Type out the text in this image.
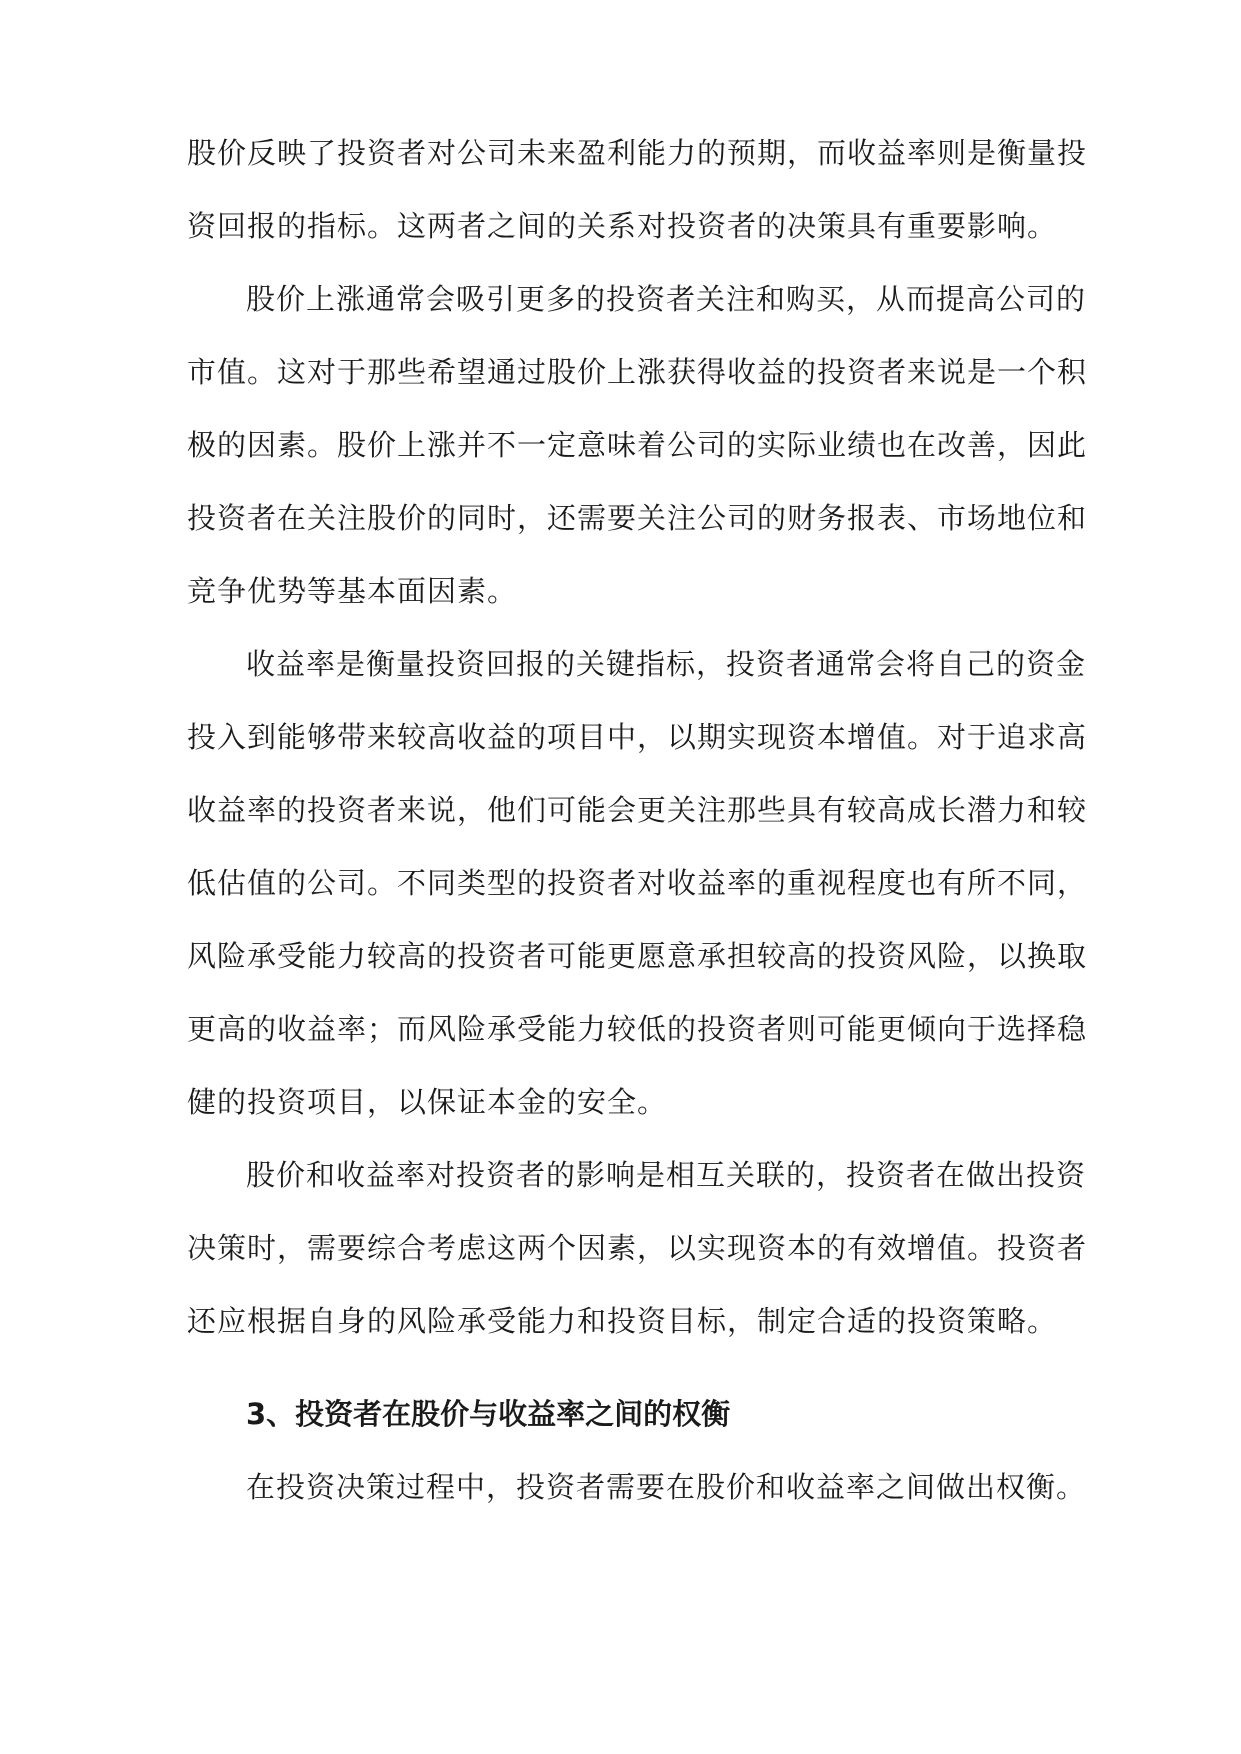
股价反映了投资者对公司未来盈利能力的预期，而收益率则是衡量投
资回报的指标。这两者之间的关系对投资者的决策具有重要影响。
股价上涨通常会吸引更多的投资者关注和购买，从而提高公司的
市值。这对于那些希望通过股价上涨获得收益的投资者来说是一个积
极的因素。股价上涨并不一定意味着公司的实际业绩也在改善，因此
投资者在关注股价的同时，还需要关注公司的财务报表、市场地位和
竞争优势等基本面因素。
收益率是衡量投资回报的关键指标，投资者通常会将自己的资金
投入到能够带来较高收益的项目中，以期实现资本增值。对于追求高
收益率的投资者来说，他们可能会更关注那些具有较高成长潜力和较
低估值的公司。不同类型的投资者对收益率的重视程度也有所不同，
风险承受能力较高的投资者可能更愿意承担较高的投资风险，以换取
更高的收益率；而风险承受能力较低的投资者则可能更倾向于选择稳
健的投资项目，以保证本金的安全。
股价和收益率对投资者的影响是相互关联的，投资者在做出投资
决策时，需要综合考虑这两个因素，以实现资本的有效增值。投资者
还应根据自身的风险承受能力和投资目标，制定合适的投资策略。
3、投资者在股价与收益率之间的权衡
在投资决策过程中，投资者需要在股价和收益率之间做出权衡。
